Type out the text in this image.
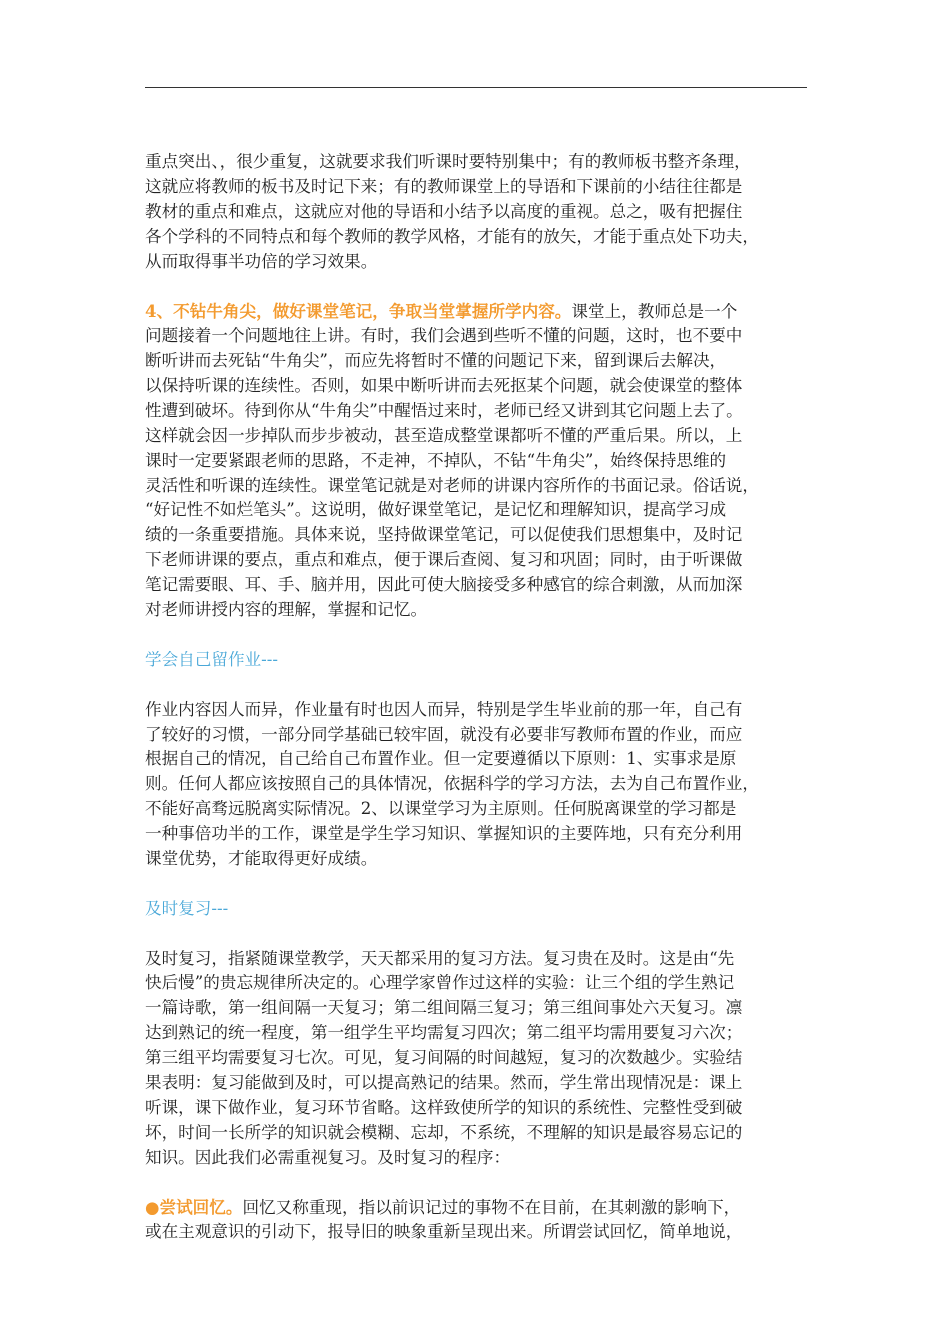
重点突出、，很少重复，这就要求我们听课时要特别集中；有的教师板书整齐条理，
这就应将教师的板书及时记下来；有的教师课堂上的导语和下课前的小结往往都是
教材的重点和难点，这就应对他的导语和小结予以高度的重视。总之，吸有把握住
各个学科的不同特点和每个教师的教学风格，才能有的放矢，才能于重点处下功夫，
从而取得事半功倍的学习效果。
4、不钻牛角尖，做好课堂笔记，争取当堂掌握所学内容。课堂上，教师总是一个
问题接着一个问题地往上讲。有时，我们会遇到些听不懂的问题，这时，也不要中
断听讲而去死钻“牛角尖”，而应先将暂时不懂的问题记下来，留到课后去解决，
以保持听课的连续性。否则，如果中断听讲而去死抠某个问题，就会使课堂的整体
性遭到破坏。待到你从“牛角尖”中醒悟过来时，老师已经又讲到其它问题上去了。
这样就会因一步掉队而步步被动，甚至造成整堂课都听不懂的严重后果。所以，上
课时一定要紧跟老师的思路，不走神，不掉队，不钻“牛角尖”，始终保持思维的
灵活性和听课的连续性。课堂笔记就是对老师的讲课内容所作的书面记录。俗话说，
“好记性不如烂笔头”。这说明，做好课堂笔记，是记忆和理解知识，提高学习成
绩的一条重要措施。具体来说，坚持做课堂笔记，可以促使我们思想集中，及时记
下老师讲课的要点，重点和难点，便于课后查阅、复习和巩固；同时，由于听课做
笔记需要眼、耳、手、脑并用，因此可使大脑接受多种感官的综合刺激，从而加深
对老师讲授内容的理解，掌握和记忆。
学会自己留作业---
作业内容因人而异，作业量有时也因人而异，特别是学生毕业前的那一年，自己有
了较好的习惯，一部分同学基础已较牢固，就没有必要非写教师布置的作业，而应
根据自己的情况，自己给自己布置作业。但一定要遵循以下原则：1、实事求是原
则。任何人都应该按照自己的具体情况，依据科学的学习方法，去为自己布置作业，
不能好高骛远脱离实际情况。2、以课堂学习为主原则。任何脱离课堂的学习都是
一种事倍功半的工作，课堂是学生学习知识、掌握知识的主要阵地，只有充分利用
课堂优势，才能取得更好成绩。
及时复习---
及时复习，指紧随课堂教学，天天都采用的复习方法。复习贵在及时。这是由“先
快后慢”的贵忘规律所决定的。心理学家曾作过这样的实验：让三个组的学生熟记
一篇诗歌，第一组间隔一天复习；第二组间隔三复习；第三组间事处六天复习。凛
达到熟记的统一程度，第一组学生平均需复习四次；第二组平均需用要复习六次；
第三组平均需要复习七次。可见，复习间隔的时间越短，复习的次数越少。实验结
果表明：复习能做到及时，可以提高熟记的结果。然而，学生常出现情况是：课上
听课，课下做作业，复习环节省略。这样致使所学的知识的系统性、完整性受到破
坏，时间一长所学的知识就会模糊、忘却，不系统，不理解的知识是最容易忘记的
知识。因此我们必需重视复习。及时复习的程序：
●尝试回忆。回忆又称重现，指以前识记过的事物不在目前，在其刺激的影响下，
或在主观意识的引动下，报导旧的映象重新呈现出来。所谓尝试回忆，简单地说，
